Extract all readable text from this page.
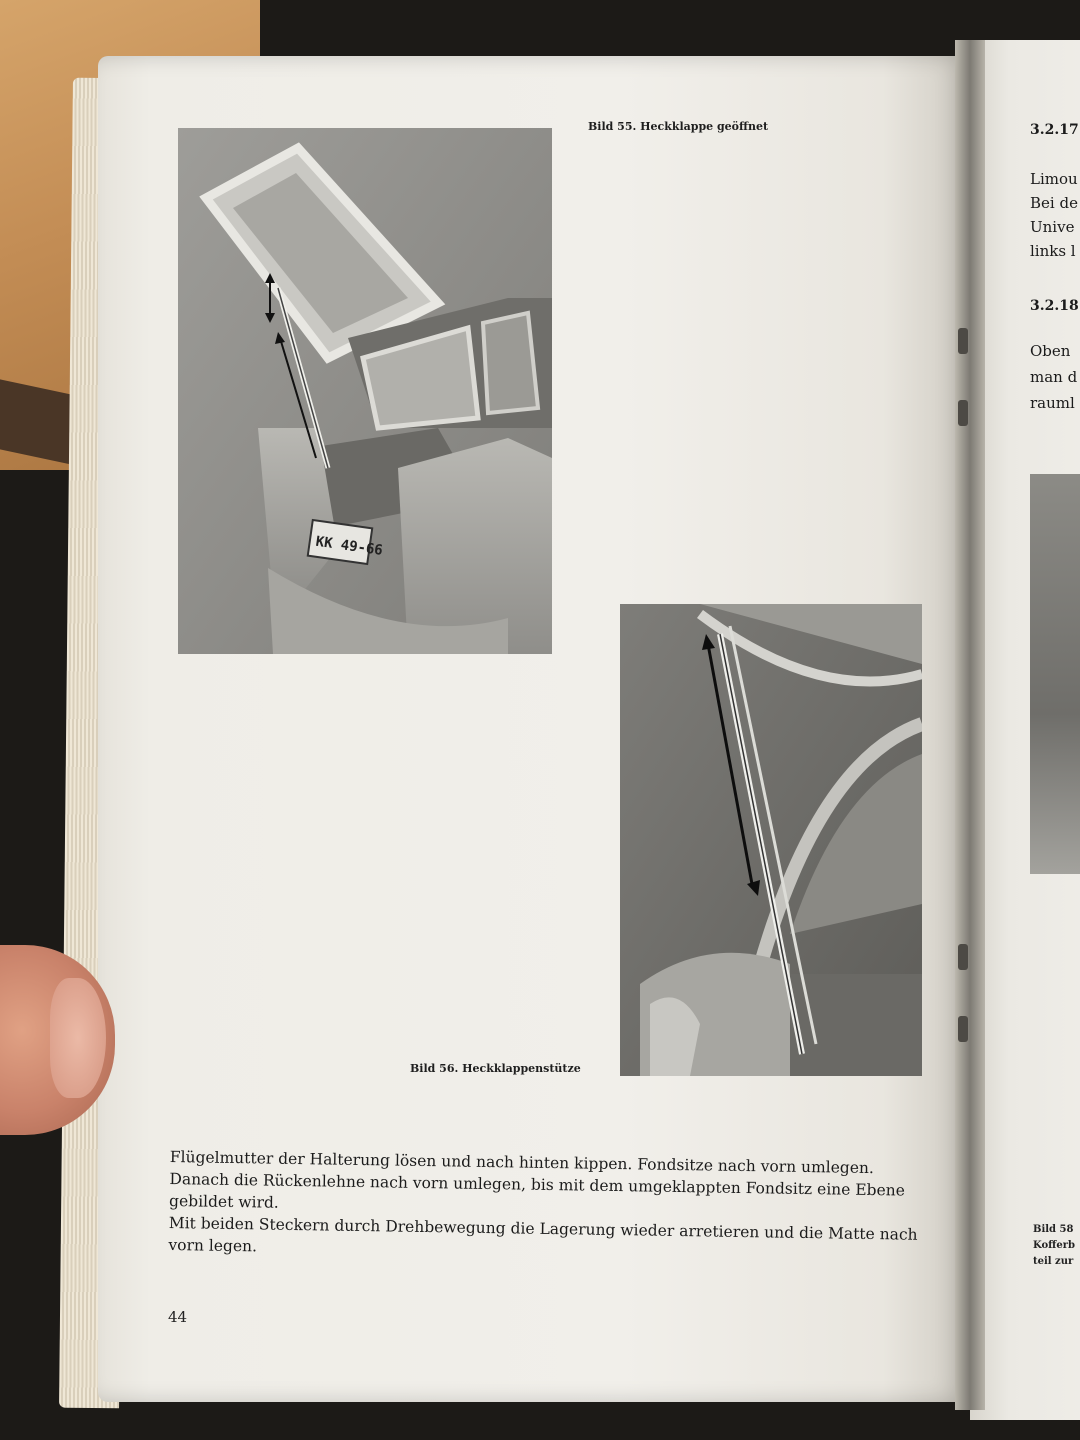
Bild 55. Heckklappe geöffnet
KK 49-66
Bild 56. Heckklappenstütze

Flügelmutter der Halterung lösen und nach hinten kippen. Fondsitze nach vorn umlegen.

Danach die Rückenlehne nach vorn umlegen, bis mit dem umgeklappten Fondsitz eine Ebene gebildet wird.

Mit beiden Steckern durch Drehbewegung die Lagerung wieder arretieren und die Matte nach vorn legen.

44
3.2.17
Limou
Bei de
Unive
links l
3.2.18
Oben
man d
rauml
Bild 58
Kofferb
teil zur
